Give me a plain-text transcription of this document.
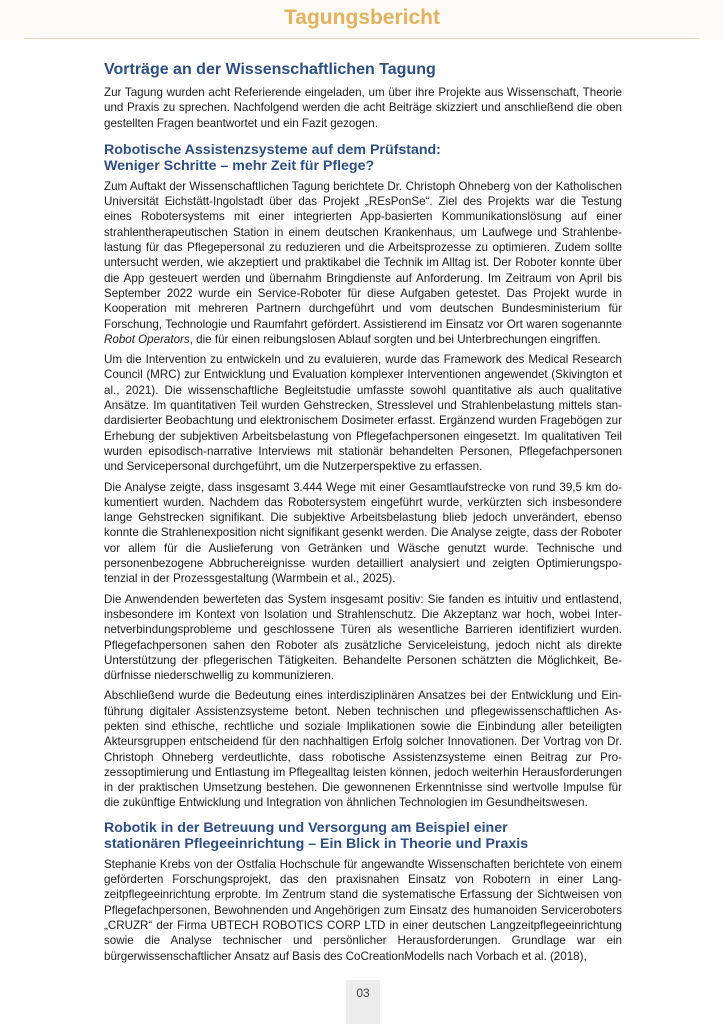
Tagungsbericht
Vorträge an der Wissenschaftlichen Tagung

Zur Tagung wurden acht Referierende eingeladen, um über ihre Projekte aus Wissenschaft, Theorie und Praxis zu sprechen. Nachfolgend werden die acht Beiträge skizziert und anschließend die oben gestellten Fragen beantwortet und ein Fazit gezogen.

Robotische Assistenzsysteme auf dem Prüfstand:
Weniger Schritte – mehr Zeit für Pflege?

Zum Auftakt der Wissenschaftlichen Tagung berichtete Dr. Christoph Ohneberg von der Katholischen Universität Eichstätt-Ingolstadt über das Projekt „REsPonSe“. Ziel des Projekts war die Testung eines Robotersystems mit einer integrierten App-basierten Kommunikationslösung auf einer strahlentherapeutischen Station in einem deutschen Krankenhaus, um Laufwege und Strahlenbelastung für das Pflegepersonal zu reduzieren und die Arbeitsprozesse zu optimieren. Zudem sollte untersucht werden, wie akzeptiert und praktikabel die Technik im Alltag ist. Der Roboter konnte über die App gesteuert werden und übernahm Bringdienste auf Anforderung. Im Zeitraum von April bis September 2022 wurde ein Service-Roboter für diese Aufgaben getestet. Das Projekt wurde in Kooperation mit mehreren Partnern durchgeführt und vom deutschen Bundesministerium für Forschung, Technologie und Raumfahrt gefördert. Assistierend im Einsatz vor Ort waren sogenannte Robot Operators, die für einen reibungslosen Ablauf sorgten und bei Unterbrechungen eingriffen.

Um die Intervention zu entwickeln und zu evaluieren, wurde das Framework des Medical Research Council (MRC) zur Entwicklung und Evaluation komplexer Interventionen angewendet (Skivington et al., 2021). Die wissenschaftliche Begleitstudie umfasste sowohl quantitative als auch qualitative Ansätze. Im quantitativen Teil wurden Gehstrecken, Stresslevel und Strahlenbelastung mittels standardisierter Beobachtung und elektronischem Dosimeter erfasst. Ergänzend wurden Fragebögen zur Erhebung der subjektiven Arbeitsbelastung von Pflegefachpersonen eingesetzt. Im qualitativen Teil wurden episodisch-narrative Interviews mit stationär behandelten Personen, Pflegefachpersonen und Servicepersonal durchgeführt, um die Nutzerperspektive zu erfassen.

Die Analyse zeigte, dass insgesamt 3.444 Wege mit einer Gesamtlaufstrecke von rund 39,5 km dokumentiert wurden. Nachdem das Robotersystem eingeführt wurde, verkürzten sich insbesondere lange Gehstrecken signifikant. Die subjektive Arbeitsbelastung blieb jedoch unverändert, ebenso konnte die Strahlenexposition nicht signifikant gesenkt werden. Die Analyse zeigte, dass der Roboter vor allem für die Auslieferung von Getränken und Wäsche genutzt wurde. Technische und personenbezogene Abbruchereignisse wurden detailliert analysiert und zeigten Optimierungspotenzial in der Prozessgestaltung (Warmbein et al., 2025).

Die Anwendenden bewerteten das System insgesamt positiv: Sie fanden es intuitiv und entlastend, insbesondere im Kontext von Isolation und Strahlenschutz. Die Akzeptanz war hoch, wobei Internetverbindungsprobleme und geschlossene Türen als wesentliche Barrieren identifiziert wurden. Pflegefachpersonen sahen den Roboter als zusätzliche Serviceleistung, jedoch nicht als direkte Unterstützung der pflegerischen Tätigkeiten. Behandelte Personen schätzten die Möglichkeit, Bedürfnisse niederschwellig zu kommunizieren.

Abschließend wurde die Bedeutung eines interdisziplinären Ansatzes bei der Entwicklung und Einführung digitaler Assistenzsysteme betont. Neben technischen und pflegewissenschaftlichen Aspekten sind ethische, rechtliche und soziale Implikationen sowie die Einbindung aller beteiligten Akteursgruppen entscheidend für den nachhaltigen Erfolg solcher Innovationen. Der Vortrag von Dr. Christoph Ohneberg verdeutlichte, dass robotische Assistenzsysteme einen Beitrag zur Prozessoptimierung und Entlastung im Pflegealltag leisten können, jedoch weiterhin Herausforderungen in der praktischen Umsetzung bestehen. Die gewonnenen Erkenntnisse sind wertvolle Impulse für die zukünftige Entwicklung und Integration von ähnlichen Technologien im Gesundheitswesen.

Robotik in der Betreuung und Versorgung am Beispiel einer
stationären Pflegeeinrichtung – Ein Blick in Theorie und Praxis

Stephanie Krebs von der Ostfalia Hochschule für angewandte Wissenschaften berichtete von einem geförderten Forschungsprojekt, das den praxisnahen Einsatz von Robotern in einer Langzeitpflegeeinrichtung erprobte. Im Zentrum stand die systematische Erfassung der Sichtweisen von Pflegefachpersonen, Bewohnenden und Angehörigen zum Einsatz des humanoiden Serviceroboters „CRUZR“ der Firma UBTECH ROBOTICS CORP LTD in einer deutschen Langzeitpflegeeinrichtung sowie die Analyse technischer und persönlicher Herausforderungen. Grundlage war ein bürgerwissenschaftlicher Ansatz auf Basis des CoCreationModells nach Vorbach et al. (2018),

03
